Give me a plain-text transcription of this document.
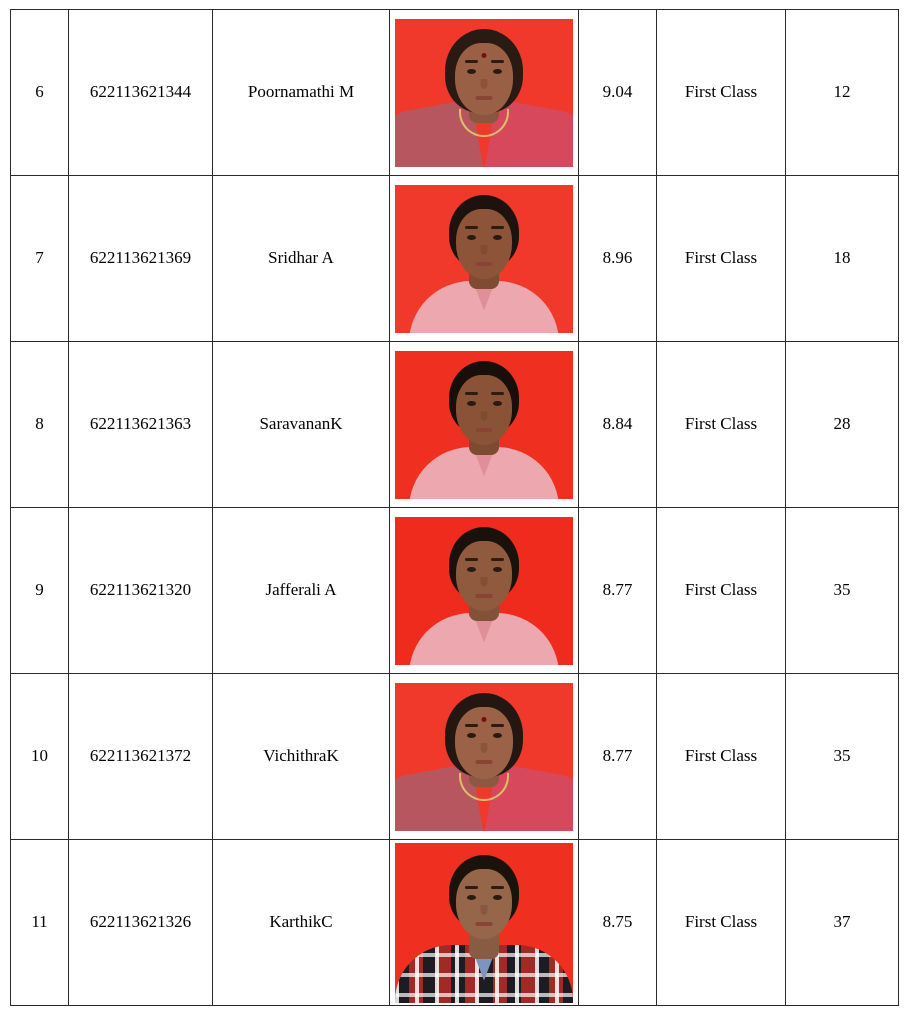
6	622113621344	Poornamathi M		9.04	First Class	12

7	622113621369	Sridhar A		8.96	First Class	18

8	622113621363	SaravananK		8.84	First Class	28

9	622113621320	Jafferali A		8.77	First Class	35

10	622113621372	VichithraK		8.77	First Class	35

11	622113621326	KarthikC		8.75	First Class	37
